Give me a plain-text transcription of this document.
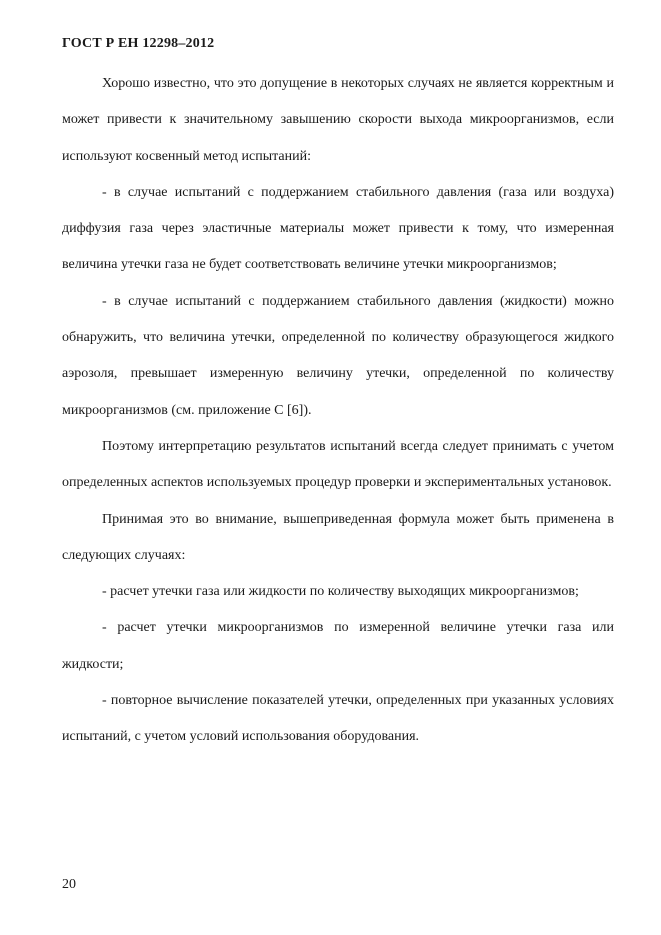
ГОСТ Р ЕН 12298–2012

Хорошо известно, что это допущение в некоторых случаях не является корректным и может привести к значительному завышению скорости выхода микроорганизмов, если используют косвенный метод испытаний:

- в случае испытаний с поддержанием стабильного давления (газа или воздуха) диффузия газа через эластичные материалы может привести к тому, что измеренная величина утечки газа не будет соответствовать величине утечки микроорганизмов;

- в случае испытаний с поддержанием стабильного давления (жидкости) можно обнаружить, что величина утечки, определенной по количеству образующегося жидкого аэрозоля, превышает измеренную величину утечки, определенной по количеству микроорганизмов (см. приложение С [6]).

Поэтому интерпретацию результатов испытаний всегда следует принимать с учетом определенных аспектов используемых процедур проверки и экспериментальных установок.

Принимая это во внимание, вышеприведенная формула может быть применена в следующих случаях:

- расчет утечки газа или жидкости по количеству выходящих микроорганизмов;

- расчет утечки микроорганизмов по измеренной величине утечки газа или жидкости;

- повторное вычисление показателей утечки, определенных при указанных условиях испытаний, с учетом условий использования оборудования.

20
